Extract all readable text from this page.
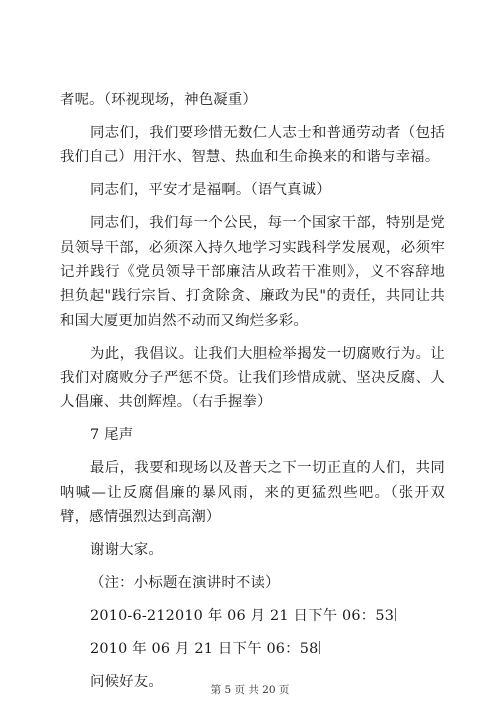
者呢。（环视现场，神色凝重）

同志们，我们要珍惜无数仁人志士和普通劳动者（包括我们自己）用汗水、智慧、热血和生命换来的和谐与幸福。

同志们，平安才是福啊。（语气真诚）

同志们，我们每一个公民，每一个国家干部，特别是党员领导干部，必须深入持久地学习实践科学发展观，必须牢记并践行《党员领导干部廉洁从政若干准则》，义不容辞地担负起"践行宗旨、打贪除贪、廉政为民"的责任，共同让共和国大厦更加岿然不动而又绚烂多彩。

为此，我倡议。让我们大胆检举揭发一切腐败行为。让我们对腐败分子严惩不贷。让我们珍惜成就、坚决反腐、人人倡廉、共创辉煌。（右手握拳）

7 尾声

最后，我要和现场以及普天之下一切正直的人们，共同呐喊—让反腐倡廉的暴风雨，来的更猛烈些吧。（张开双臂，感情强烈达到高潮）

谢谢大家。

（注：小标题在演讲时不读）

2010-6-212010 年 06 月 21 日下午 06：53

2010 年 06 月 21 日下午 06：58

问候好友。

第 5 页 共 20 页
